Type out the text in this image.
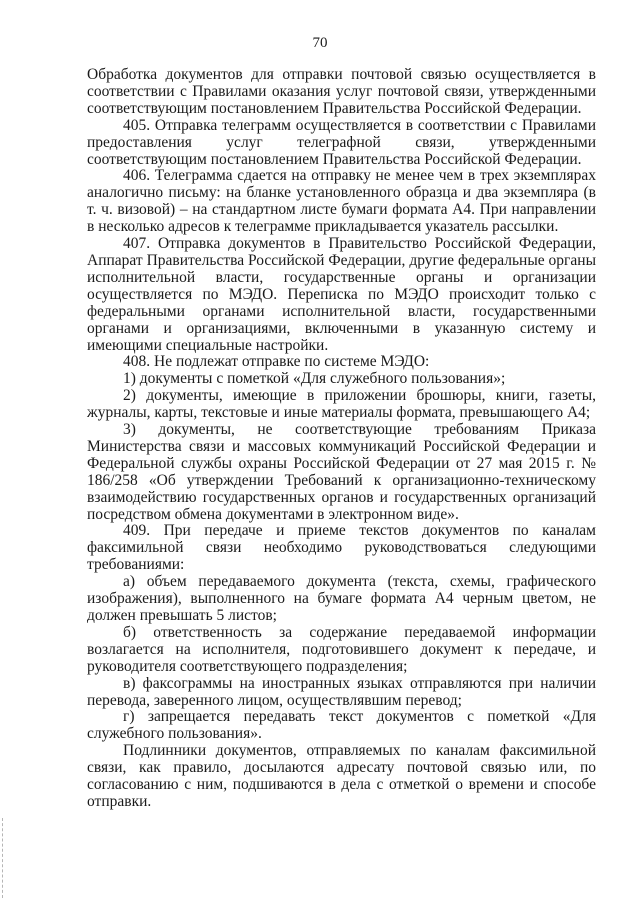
70

Обработка документов для отправки почтовой связью осуществляется в соответствии с Правилами оказания услуг почтовой связи, утвержденными соответствующим постановлением Правительства Российской Федерации.

405. Отправка телеграмм осуществляется в соответствии с Правилами предоставления услуг телеграфной связи, утвержденными соответствующим постановлением Правительства Российской Федерации.

406. Телеграмма сдается на отправку не менее чем в трех экземплярах аналогично письму: на бланке установленного образца и два экземпляра (в т. ч. визовой) – на стандартном листе бумаги формата А4. При направлении в несколько адресов к телеграмме прикладывается указатель рассылки.

407. Отправка документов в Правительство Российской Федерации, Аппарат Правительства Российской Федерации, другие федеральные органы исполнительной власти, государственные органы и организации осуществляется по МЭДО. Переписка по МЭДО происходит только с федеральными органами исполнительной власти, государственными органами и организациями, включенными в указанную систему и имеющими специальные настройки.

408. Не подлежат отправке по системе МЭДО:

1) документы с пометкой «Для служебного пользования»;

2) документы, имеющие в приложении брошюры, книги, газеты, журналы, карты, текстовые и иные материалы формата, превышающего А4;

3) документы, не соответствующие требованиям Приказа Министерства связи и массовых коммуникаций Российской Федерации и Федеральной службы охраны Российской Федерации от 27 мая 2015 г. № 186/258 «Об утверждении Требований к организационно-техническому взаимодействию государственных органов и государственных организаций посредством обмена документами в электронном виде».

409. При передаче и приеме текстов документов по каналам факсимильной связи необходимо руководствоваться следующими требованиями:

а) объем передаваемого документа (текста, схемы, графического изображения), выполненного на бумаге формата А4 черным цветом, не должен превышать 5 листов;

б) ответственность за содержание передаваемой информации возлагается на исполнителя, подготовившего документ к передаче, и руководителя соответствующего подразделения;

в) факсограммы на иностранных языках отправляются при наличии перевода, заверенного лицом, осуществлявшим перевод;

г) запрещается передавать текст документов с пометкой «Для служебного пользования».

Подлинники документов, отправляемых по каналам факсимильной связи, как правило, досылаются адресату почтовой связью или, по согласованию с ним, подшиваются в дела с отметкой о времени и способе отправки.
